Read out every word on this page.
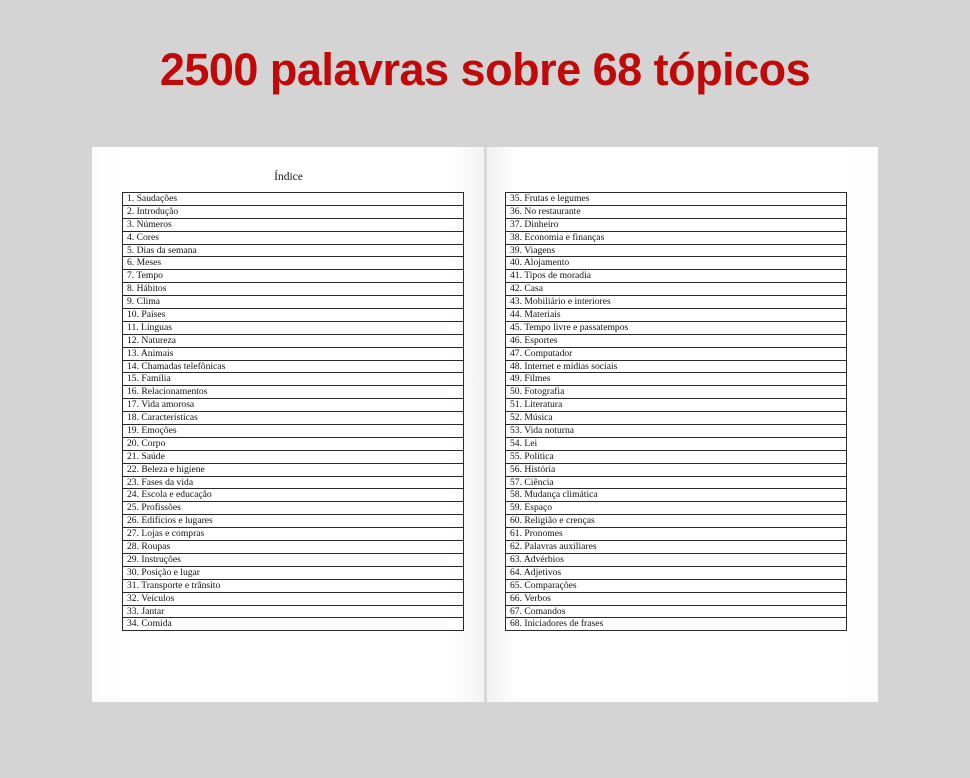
2500 palavras sobre 68 tópicos
Índice
1. Saudações
2. Introdução
3. Números
4. Cores
5. Dias da semana
6. Meses
7. Tempo
8. Hábitos
9. Clima
10. Países
11. Línguas
12. Natureza
13. Animais
14. Chamadas telefônicas
15. Família
16. Relacionamentos
17. Vida amorosa
18. Características
19. Emoções
20. Corpo
21. Saúde
22. Beleza e higiene
23. Fases da vida
24. Escola e educação
25. Profissões
26. Edifícios e lugares
27. Lojas e compras
28. Roupas
29. Instruções
30. Posição e lugar
31. Transporte e trânsito
32. Veículos
33. Jantar
34. Comida
35. Frutas e legumes
36. No restaurante
37. Dinheiro
38. Economia e finanças
39. Viagens
40. Alojamento
41. Tipos de moradia
42. Casa
43. Mobiliário e interiores
44. Materiais
45. Tempo livre e passatempos
46. Esportes
47. Computador
48. Internet e mídias sociais
49. Filmes
50. Fotografia
51. Literatura
52. Música
53. Vida noturna
54. Lei
55. Política
56. História
57. Ciência
58. Mudança climática
59. Espaço
60. Religião e crenças
61. Pronomes
62. Palavras auxiliares
63. Advérbios
64. Adjetivos
65. Comparações
66. Verbos
67. Comandos
68. Iniciadores de frases
